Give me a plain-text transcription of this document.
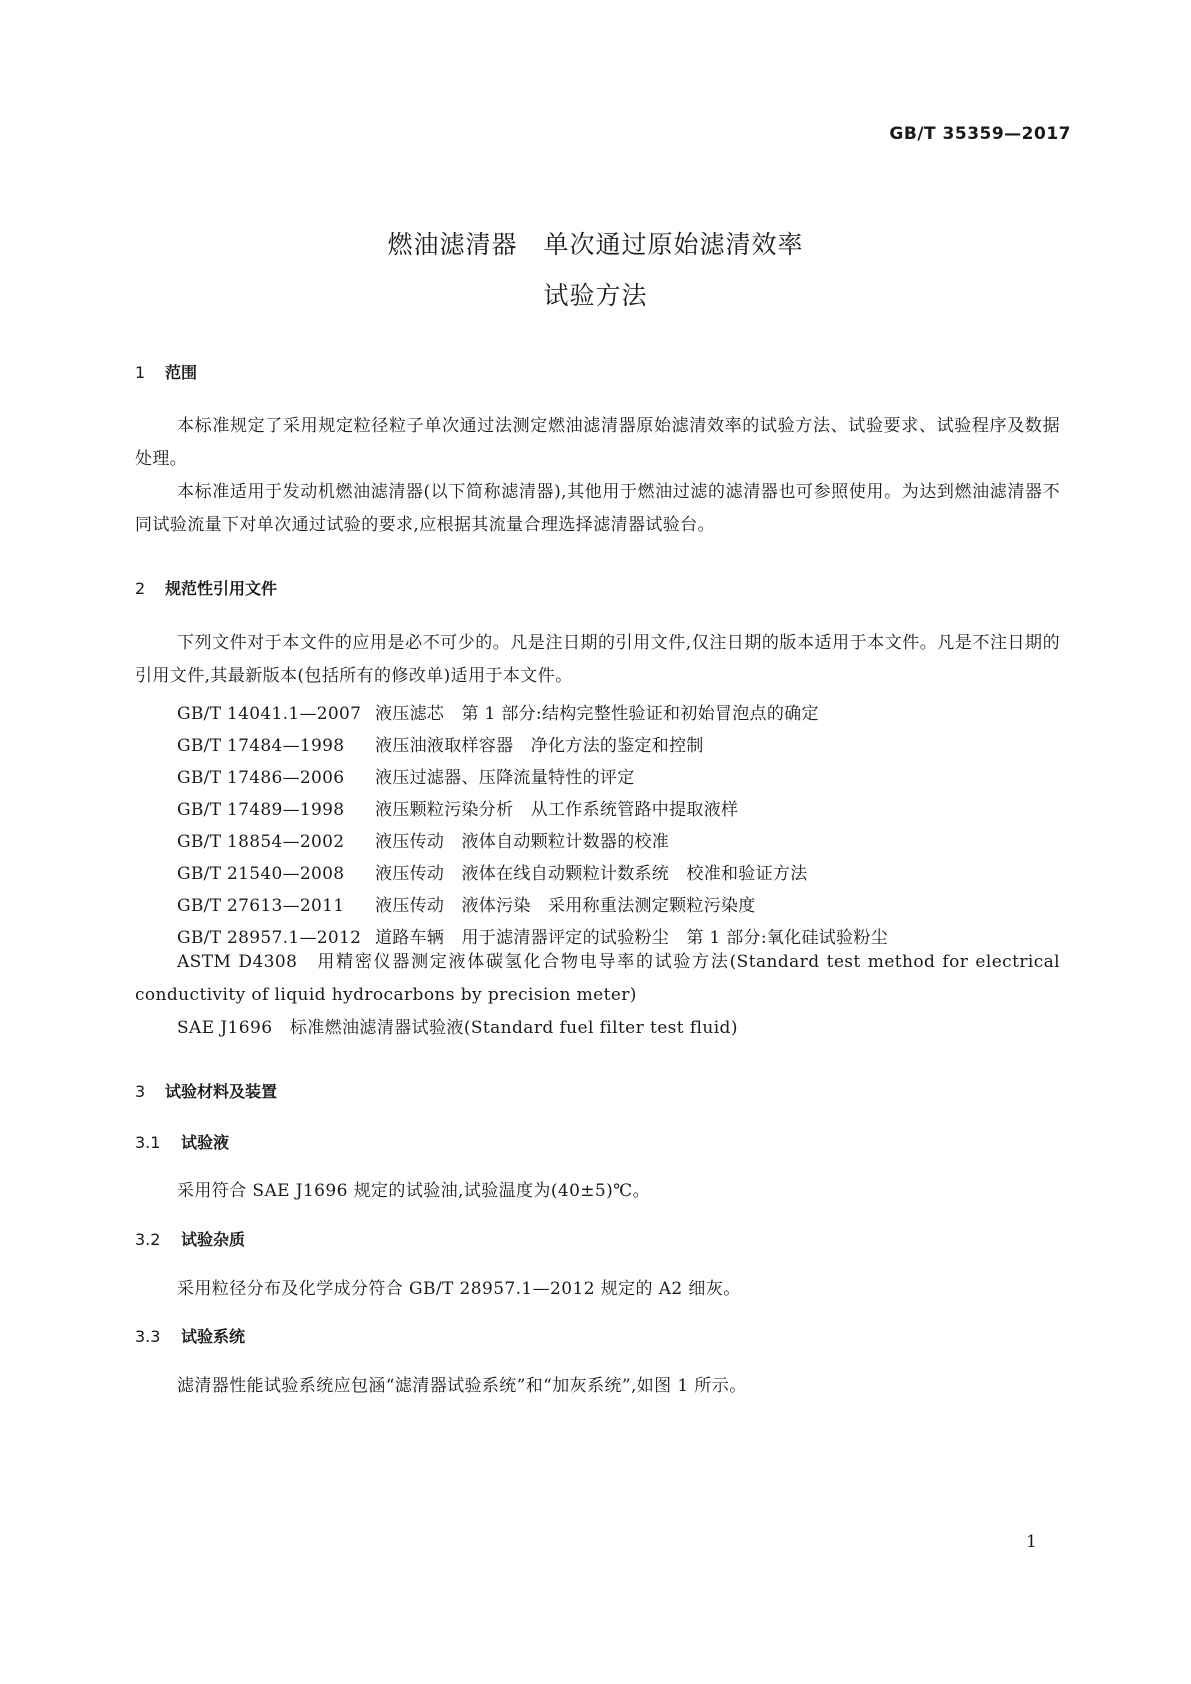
GB/T 35359—2017
燃油滤清器　单次通过原始滤清效率
试验方法
1 范围
本标准规定了采用规定粒径粒子单次通过法测定燃油滤清器原始滤清效率的试验方法、试验要求、试验程序及数据处理。
本标准适用于发动机燃油滤清器(以下简称滤清器),其他用于燃油过滤的滤清器也可参照使用。为达到燃油滤清器不同试验流量下对单次通过试验的要求,应根据其流量合理选择滤清器试验台。
2 规范性引用文件
下列文件对于本文件的应用是必不可少的。凡是注日期的引用文件,仅注日期的版本适用于本文件。凡是不注日期的引用文件,其最新版本(包括所有的修改单)适用于本文件。
GB/T 14041.1—2007 液压滤芯　第 1 部分:结构完整性验证和初始冒泡点的确定
GB/T 17484—1998 液压油液取样容器　净化方法的鉴定和控制
GB/T 17486—2006 液压过滤器、压降流量特性的评定
GB/T 17489—1998 液压颗粒污染分析　从工作系统管路中提取液样
GB/T 18854—2002 液压传动　液体自动颗粒计数器的校准
GB/T 21540—2008 液压传动　液体在线自动颗粒计数系统　校准和验证方法
GB/T 27613—2011 液压传动　液体污染　采用称重法测定颗粒污染度
GB/T 28957.1—2012 道路车辆　用于滤清器评定的试验粉尘　第 1 部分:氧化硅试验粉尘
ASTM D4308　用精密仪器测定液体碳氢化合物电导率的试验方法(Standard test method for electrical conductivity of liquid hydrocarbons by precision meter)
SAE J1696　标准燃油滤清器试验液(Standard fuel filter test fluid)
3 试验材料及装置
3.1 试验液
采用符合 SAE J1696 规定的试验油,试验温度为(40±5)℃。
3.2 试验杂质
采用粒径分布及化学成分符合 GB/T 28957.1—2012 规定的 A2 细灰。
3.3 试验系统
滤清器性能试验系统应包涵“滤清器试验系统”和“加灰系统”,如图 1 所示。
1
